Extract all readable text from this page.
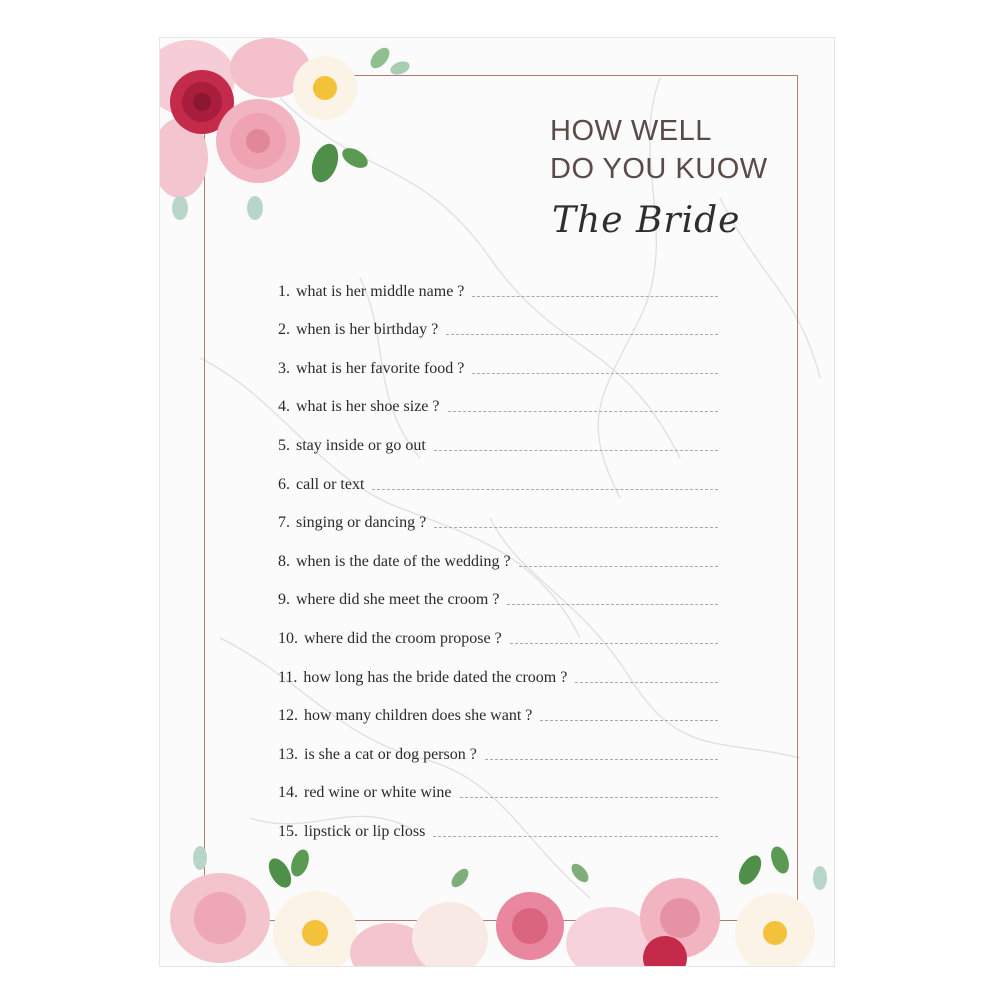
HOW WELL
DO YOU KUOW
The Bride
1. what is her middle name ?
2. when is her birthday ?
3. what is her favorite food ?
4. what is her shoe size ?
5. stay inside or go out
6. call or text
7. singing or dancing ?
8. when is the date of the wedding ?
9. where did she meet the croom ?
10. where did the croom propose ?
11. how long has the bride dated the croom ?
12. how many children does she want ?
13. is she a cat or dog person ?
14. red wine or white wine
15. lipstick or lip closs
